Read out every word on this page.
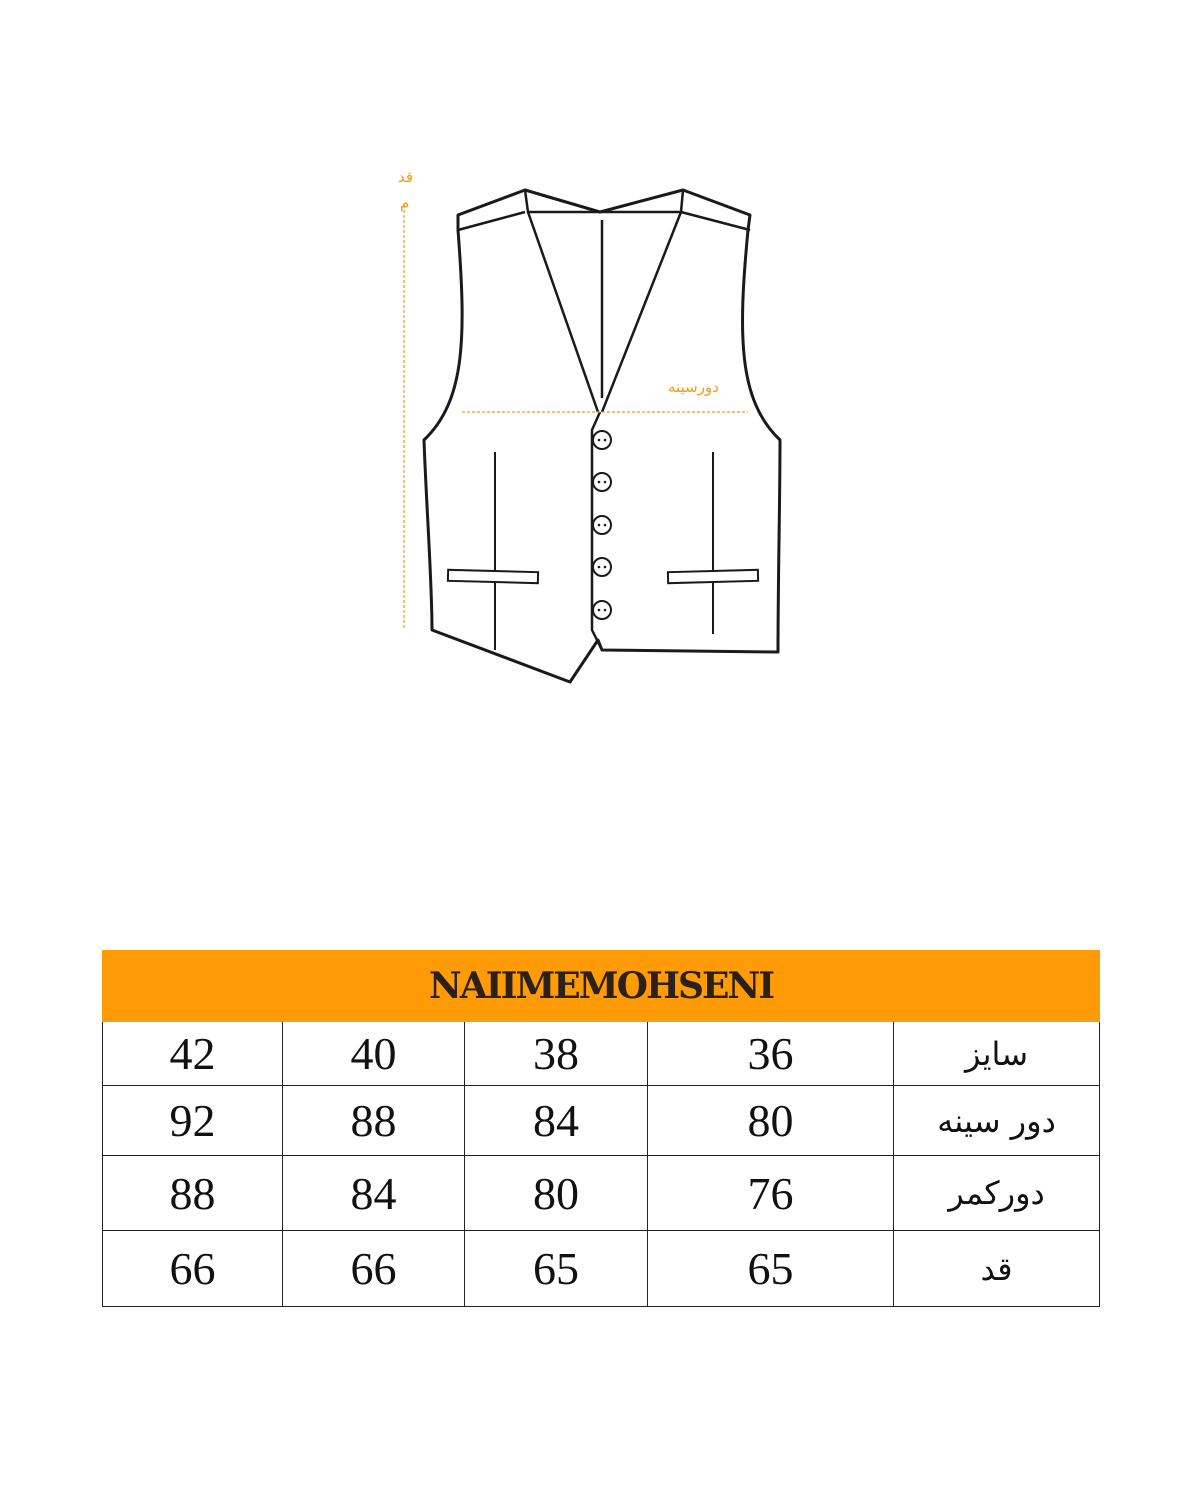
قد
م
دورسینه
NAIIMEMOHSENI				
42	40	38	36	سایز
92	88	84	80	دور سینه
88	84	80	76	دورکمر
66	66	65	65	قد
